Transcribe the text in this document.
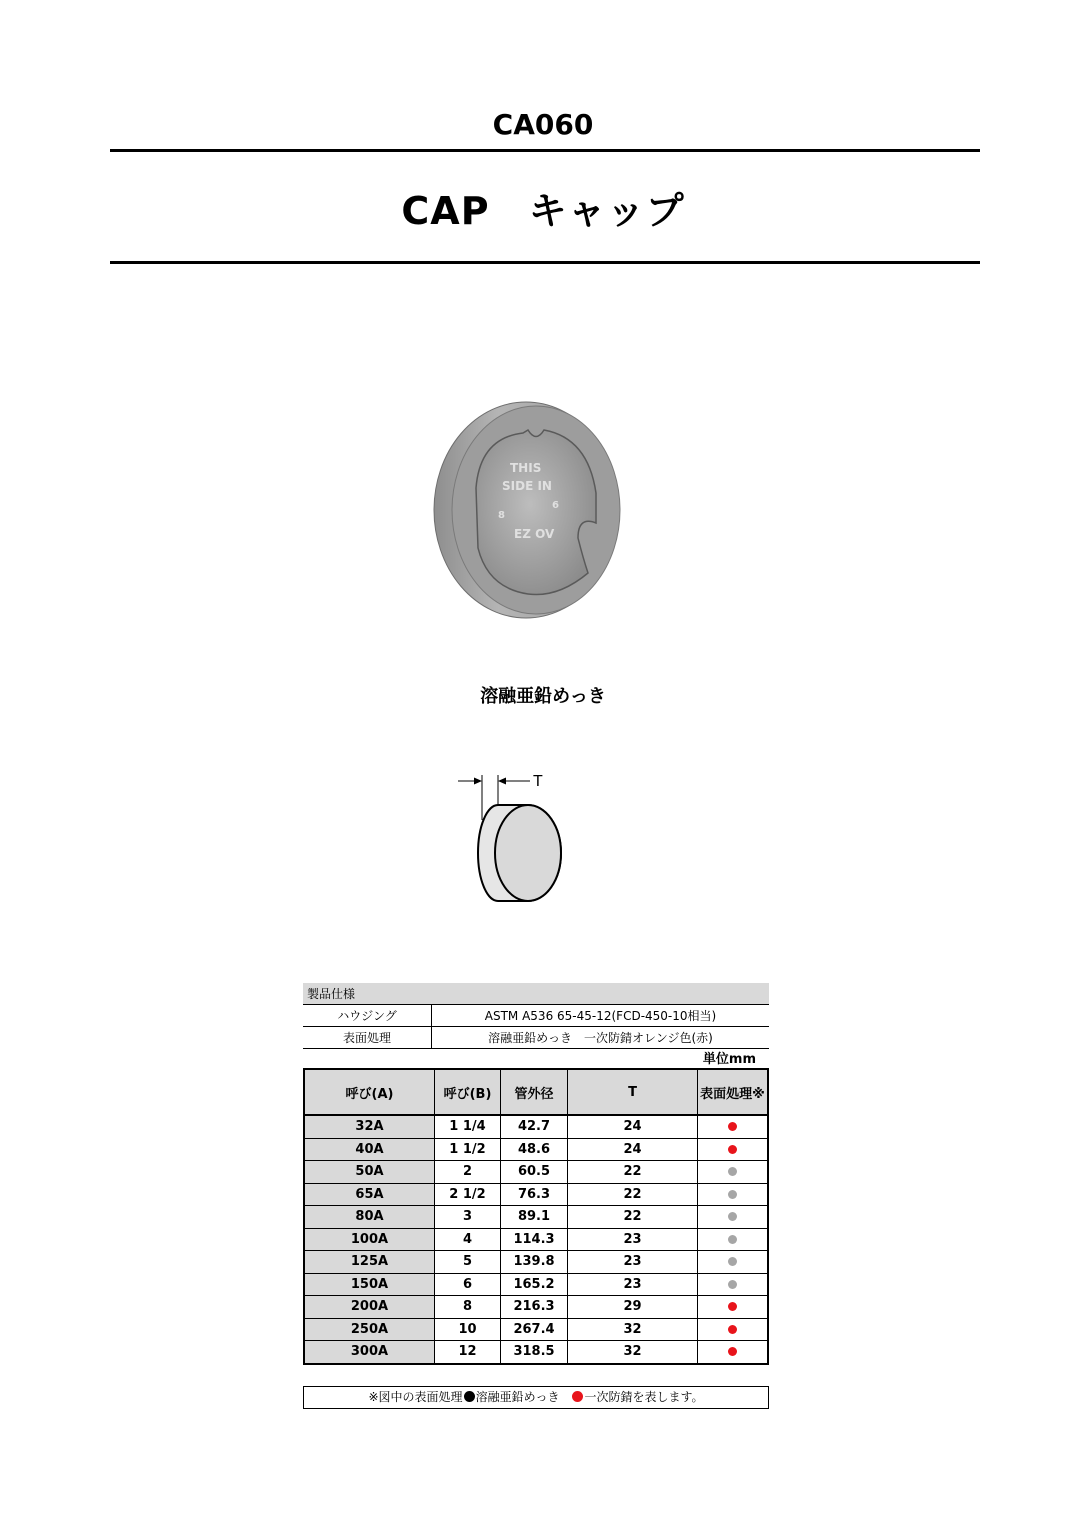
CA060
CAP　キャップ
THIS
SIDE IN
8
6
EZ OV
溶融亜鉛めっき
T
製品仕様	
ハウジング	ASTM A536 65-45-12(FCD-450-10相当)
表面処理	溶融亜鉛めっき　一次防錆オレンジ色(赤)
単位mm
呼び(A)	呼び(B)	管外径	T	表面処理※
32A	1 1/4	42.7	24	
40A	1 1/2	48.6	24	
50A	2	60.5	22	
65A	2 1/2	76.3	22	
80A	3	89.1	22	
100A	4	114.3	23	
125A	5	139.8	23	
150A	6	165.2	23	
200A	8	216.3	29	
250A	10	267.4	32	
300A	12	318.5	32	
※図中の表面処理 溶融亜鉛めっき　一次防錆を表します。
